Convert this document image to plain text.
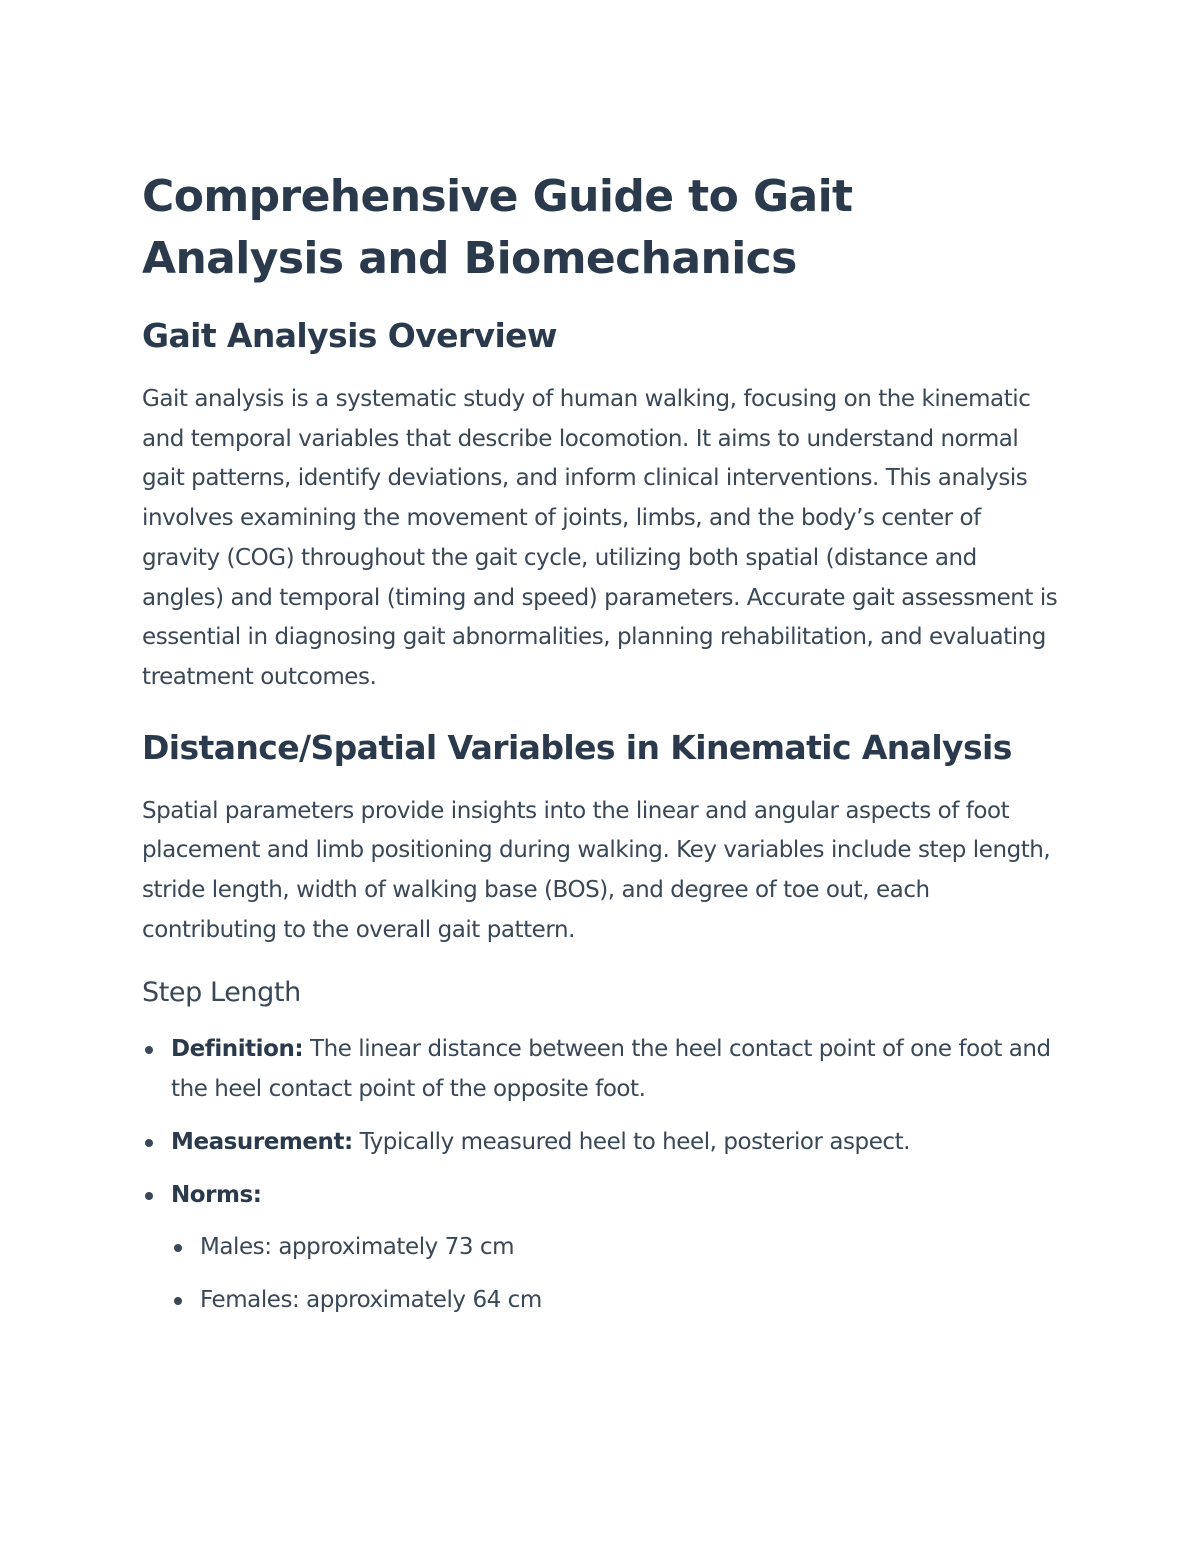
Comprehensive Guide to Gait Analysis and Biomechanics
Gait Analysis Overview

Gait analysis is a systematic study of human walking, focusing on the kinematic and temporal variables that describe locomotion. It aims to understand normal gait patterns, identify deviations, and inform clinical interventions. This analysis involves examining the movement of joints, limbs, and the body’s center of gravity (COG) throughout the gait cycle, utilizing both spatial (distance and angles) and temporal (timing and speed) parameters. Accurate gait assessment is essential in diagnosing gait abnormalities, planning rehabilitation, and evaluating treatment outcomes.

Distance/Spatial Variables in Kinematic Analysis

Spatial parameters provide insights into the linear and angular aspects of foot placement and limb positioning during walking. Key variables include step length, stride length, width of walking base (BOS), and degree of toe out, each contributing to the overall gait pattern.

Step Length
Definition: The linear distance between the heel contact point of one foot and the heel contact point of the opposite foot.
Measurement: Typically measured heel to heel, posterior aspect.
Norms:
Males: approximately 73 cm
Females: approximately 64 cm
